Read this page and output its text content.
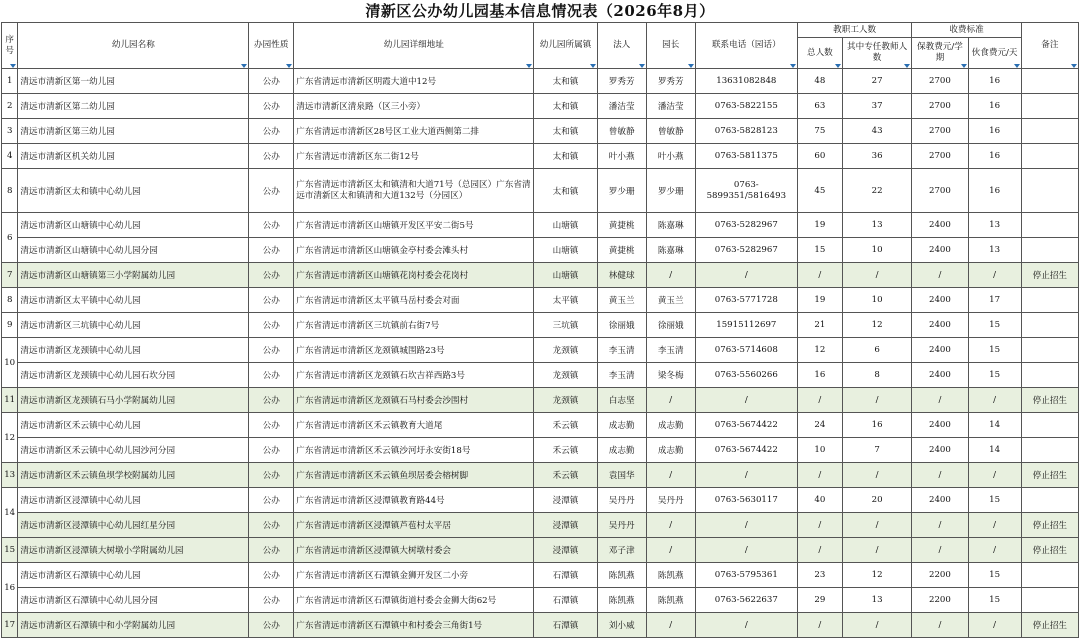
清新区公办幼儿园基本信息情况表（2026年8月）
序号	幼儿园名称	办园性质	幼儿园详细地址	幼儿园所属镇	法人	园长	联系电话（园话）	教职工人数		收费标准		备注

								总人数	其中专任教师人数	保教费元/学期	伙食费元/天	

1	清远市清新区第一幼儿园	公办	广东省清远市清新区明霞大道中12号	太和镇	罗秀芳	罗秀芳	13631082848	48	27	2700	16	
2	清远市清新区第二幼儿园	公办	清远市清新区清泉路（区三小旁）	太和镇	潘洁莹	潘洁莹	0763-5822155	63	37	2700	16	
3	清远市清新区第三幼儿园	公办	广东省清远市清新区28号区工业大道西侧第二排	太和镇	曾敏静	曾敏静	0763-5828123	75	43	2700	16	
4	清远市清新区机关幼儿园	公办	广东省清远市清新区东二街12号	太和镇	叶小燕	叶小燕	0763-5811375	60	36	2700	16	
8	清远市清新区太和镇中心幼儿园	公办	广东省清远市清新区太和镇清和大道71号（总园区）广东省清远市清新区太和镇清和大道132号（分园区）	太和镇	罗少珊	罗少珊	0763-5899351/5816493	45	22	2700	16	
6	清远市清新区山塘镇中心幼儿园	公办	广东省清远市清新区山塘镇开发区平安二街5号	山塘镇	黄捷桃	陈嘉琳	0763-5282967	19	13	2400	13	
	清远市清新区山塘镇中心幼儿园分园	公办	广东省清远市清新区山塘镇金亭村委会滩头村	山塘镇	黄捷桃	陈嘉琳	0763-5282967	15	10	2400	13	
7	清远市清新区山塘镇第三小学附属幼儿园	公办	广东省清远市清新区山塘镇花岗村委会花岗村	山塘镇	林健球	/	/	/	/	/	/	停止招生
8	清远市清新区太平镇中心幼儿园	公办	广东省清远市清新区太平镇马岳村委会对面	太平镇	黄玉兰	黄玉兰	0763-5771728	19	10	2400	17	
9	清远市清新区三坑镇中心幼儿园	公办	广东省清远市清新区三坑镇前右街7号	三坑镇	徐丽娥	徐丽娥	15915112697	21	12	2400	15	
10	清远市清新区龙颈镇中心幼儿园	公办	广东省清远市清新区龙颈镇城围路23号	龙颈镇	李玉清	李玉清	0763-5714608	12	6	2400	15	
	清远市清新区龙颈镇中心幼儿园石坎分园	公办	广东省清远市清新区龙颈镇石坎吉祥西路3号	龙颈镇	李玉清	梁冬梅	0763-5560266	16	8	2400	15	
11	清远市清新区龙颈镇石马小学附属幼儿园	公办	广东省清远市清新区龙颈镇石马村委会沙围村	龙颈镇	白志坚	/	/	/	/	/	/	停止招生
12	清远市清新区禾云镇中心幼儿园	公办	广东省清远市清新区禾云镇教育大道尾	禾云镇	成志勤	成志勤	0763-5674422	24	16	2400	14	
	清远市清新区禾云镇中心幼儿园沙河分园	公办	广东省清远市清新区禾云镇沙河圩永安街18号	禾云镇	成志勤	成志勤	0763-5674422	10	7	2400	14	
13	清远市清新区禾云镇鱼坝学校附属幼儿园	公办	广东省清远市清新区禾云镇鱼坝居委会榕树脚	禾云镇	袁国华	/	/	/	/	/	/	停止招生
14	清远市清新区浸潭镇中心幼儿园	公办	广东省清远市清新区浸潭镇教育路44号	浸潭镇	吴丹丹	吴丹丹	0763-5630117	40	20	2400	15	
	清远市清新区浸潭镇中心幼儿园红星分园	公办	广东省清远市清新区浸潭镇芦苞村太平居	浸潭镇	吴丹丹	/	/	/	/	/	/	停止招生
15	清远市清新区浸潭镇大树墩小学附属幼儿园	公办	广东省清远市清新区浸潭镇大树墩村委会	浸潭镇	邓子津	/	/	/	/	/	/	停止招生
16	清远市清新区石潭镇中心幼儿园	公办	广东省清远市清新区石潭镇金狮开发区二小旁	石潭镇	陈凯燕	陈凯燕	0763-5795361	23	12	2200	15	
	清远市清新区石潭镇中心幼儿园分园	公办	广东省清远市清新区石潭镇街道村委会金狮大街62号	石潭镇	陈凯燕	陈凯燕	0763-5622637	29	13	2200	15	
17	清远市清新区石潭镇中和小学附属幼儿园	公办	广东省清远市清新区石潭镇中和村委会三角街1号	石潭镇	刘小威	/	/	/	/	/	/	停止招生
